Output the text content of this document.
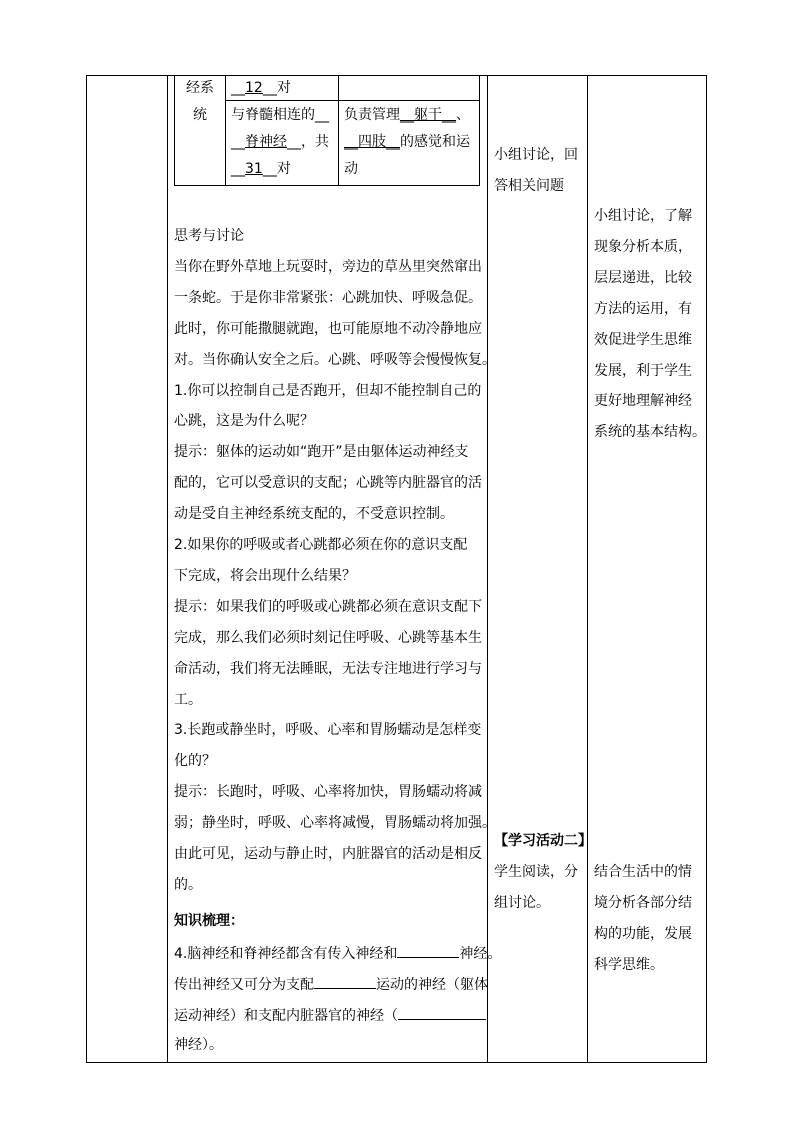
经系
统
__12__对
与脊髓相连的__
__脊神经__，共
__31__对
负责管理__躯干__、
__四肢__的感觉和运
动
思考与讨论
当你在野外草地上玩耍时，旁边的草丛里突然窜出
一条蛇。于是你非常紧张：心跳加快、呼吸急促。
此时，你可能撒腿就跑，也可能原地不动冷静地应
对。当你确认安全之后。心跳、呼吸等会慢慢恢复。
1.你可以控制自己是否跑开，但却不能控制自己的
心跳，这是为什么呢？
提示：躯体的运动如“跑开”是由躯体运动神经支
配的，它可以受意识的支配；心跳等内脏器官的活
动是受自主神经系统支配的，不受意识控制。
2.如果你的呼吸或者心跳都必须在你的意识支配
下完成，将会出现什么结果？
提示：如果我们的呼吸或心跳都必须在意识支配下
完成，那么我们必须时刻记住呼吸、心跳等基本生
命活动，我们将无法睡眠，无法专注地进行学习与
工。
3.长跑或静坐时，呼吸、心率和胃肠蠕动是怎样变
化的？
提示：长跑时，呼吸、心率将加快，胃肠蠕动将减
弱；静坐时，呼吸、心率将减慢，胃肠蠕动将加强。
由此可见，运动与静止时，内脏器官的活动是相反
的。
知识梳理：
4.脑神经和脊神经都含有传入神经和	神经。
传出神经又可分为支配	运动的神经（躯体
运动神经）和支配内脏器官的神经（
神经）。
小组讨论，回
答相关问题
【学习活动二】
学生阅读，分
组讨论。
小组讨论，了解
现象分析本质，
层层递进，比较
方法的运用，有
效促进学生思维
发展，利于学生
更好地理解神经
系统的基本结构。
结合生活中的情
境分析各部分结
构的功能，发展
科学思维。
